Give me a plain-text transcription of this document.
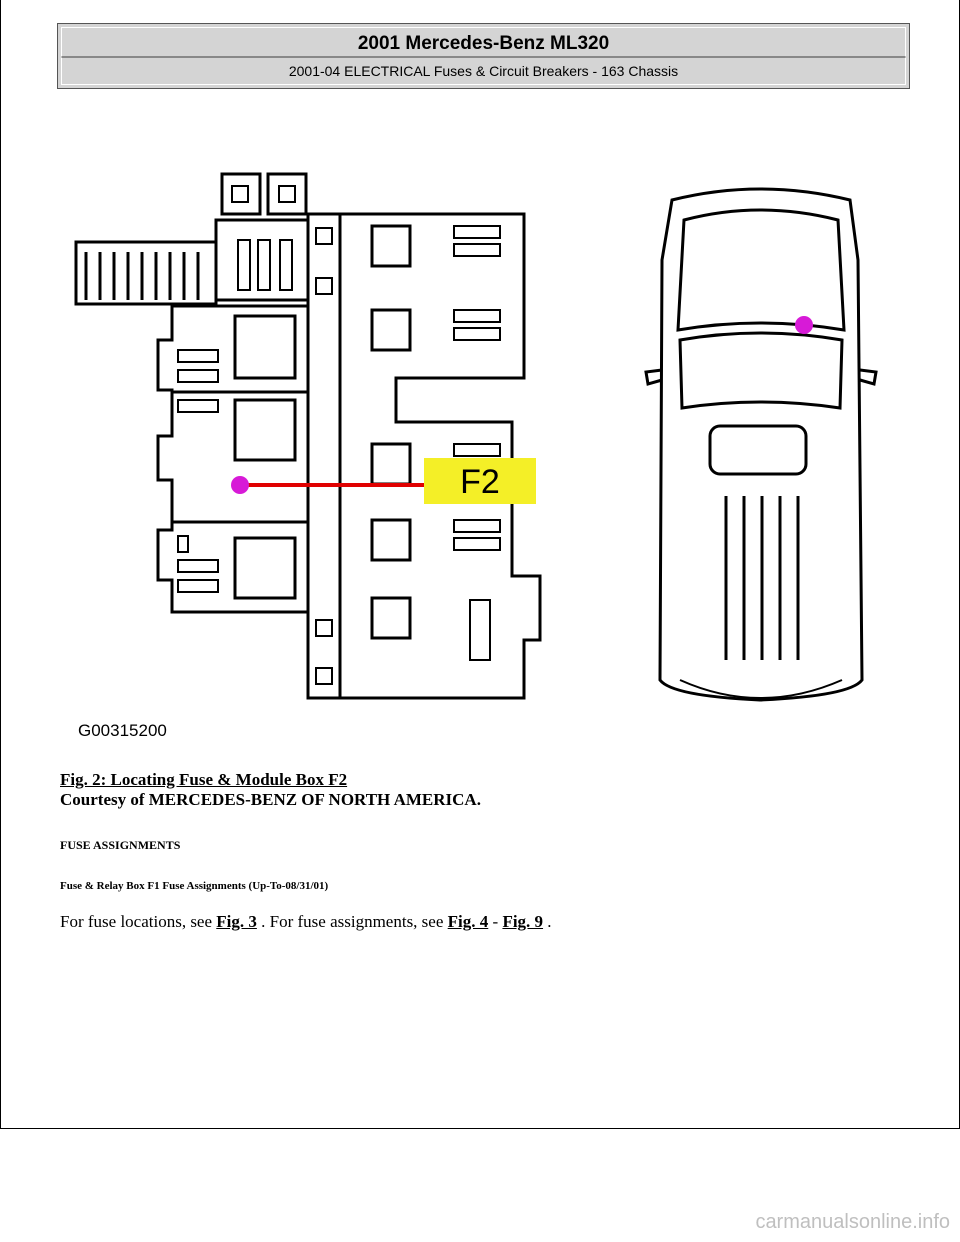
2001 Mercedes-Benz ML320
2001-04 ELECTRICAL Fuses & Circuit Breakers - 163 Chassis
F2
G00315200
Fig. 2: Locating Fuse & Module Box F2
Courtesy of MERCEDES-BENZ OF NORTH AMERICA.
FUSE ASSIGNMENTS
Fuse & Relay Box F1 Fuse Assignments (Up-To-08/31/01)
For fuse locations, see Fig. 3 . For fuse assignments, see Fig. 4 - Fig. 9 .
carmanualsonline.info
